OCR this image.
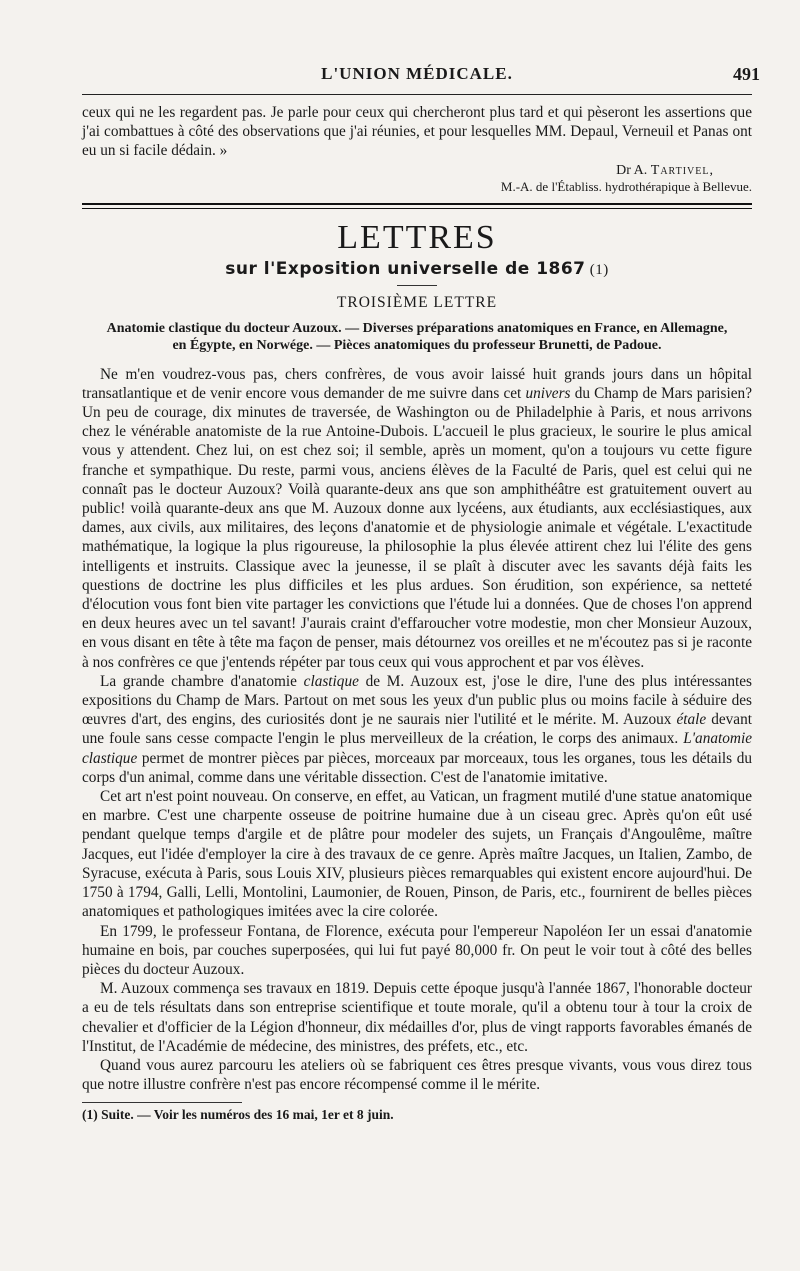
L'UNION MÉDICALE.	491

ceux qui ne les regardent pas. Je parle pour ceux qui chercheront plus tard et qui pèseront les assertions que j'ai combattues à côté des observations que j'ai réunies, et pour lesquelles MM. Depaul, Verneuil et Panas ont eu un si facile dédain. »

Dr A. Tartivel,
M.-A. de l'Établiss. hydrothérapique à Bellevue.
LETTRES
sur l'Exposition universelle de 1867 (1)
TROISIÈME LETTRE
Anatomie clastique du docteur Auzoux. — Diverses préparations anatomiques en France, en Allemagne,
en Égypte, en Norwége. — Pièces anatomiques du professeur Brunetti, de Padoue.

Ne m'en voudrez-vous pas, chers confrères, de vous avoir laissé huit grands jours dans un hôpital transatlantique et de venir encore vous demander de me suivre dans cet univers du Champ de Mars parisien? Un peu de courage, dix minutes de traversée, de Washington ou de Philadelphie à Paris, et nous arrivons chez le vénérable anatomiste de la rue Antoine-Dubois. L'accueil le plus gracieux, le sourire le plus amical vous y attendent. Chez lui, on est chez soi; il semble, après un moment, qu'on a toujours vu cette figure franche et sympathique. Du reste, parmi vous, anciens élèves de la Faculté de Paris, quel est celui qui ne connaît pas le docteur Auzoux? Voilà quarante-deux ans que son amphithéâtre est gratuitement ouvert au public! voilà quarante-deux ans que M. Auzoux donne aux lycéens, aux étudiants, aux ecclésiastiques, aux dames, aux civils, aux militaires, des leçons d'anatomie et de physiologie animale et végétale. L'exactitude mathématique, la logique la plus rigoureuse, la philosophie la plus élevée attirent chez lui l'élite des gens intelligents et instruits. Classique avec la jeunesse, il se plaît à discuter avec les savants déjà faits les questions de doctrine les plus difficiles et les plus ardues. Son érudition, son expérience, sa netteté d'élocution vous font bien vite partager les convictions que l'étude lui a données. Que de choses l'on apprend en deux heures avec un tel savant! J'aurais craint d'effaroucher votre modestie, mon cher Monsieur Auzoux, en vous disant en tête à tête ma façon de penser, mais détournez vos oreilles et ne m'écoutez pas si je raconte à nos confrères ce que j'entends répéter par tous ceux qui vous approchent et par vos élèves.

La grande chambre d'anatomie clastique de M. Auzoux est, j'ose le dire, l'une des plus intéressantes expositions du Champ de Mars. Partout on met sous les yeux d'un public plus ou moins facile à séduire des œuvres d'art, des engins, des curiosités dont je ne saurais nier l'utilité et le mérite. M. Auzoux étale devant une foule sans cesse compacte l'engin le plus merveilleux de la création, le corps des animaux. L'anatomie clastique permet de montrer pièces par pièces, morceaux par morceaux, tous les organes, tous les détails du corps d'un animal, comme dans une véritable dissection. C'est de l'anatomie imitative.

Cet art n'est point nouveau. On conserve, en effet, au Vatican, un fragment mutilé d'une statue anatomique en marbre. C'est une charpente osseuse de poitrine humaine due à un ciseau grec. Après qu'on eût usé pendant quelque temps d'argile et de plâtre pour modeler des sujets, un Français d'Angoulême, maître Jacques, eut l'idée d'employer la cire à des travaux de ce genre. Après maître Jacques, un Italien, Zambo, de Syracuse, exécuta à Paris, sous Louis XIV, plusieurs pièces remarquables qui existent encore aujourd'hui. De 1750 à 1794, Galli, Lelli, Montolini, Laumonier, de Rouen, Pinson, de Paris, etc., fournirent de belles pièces anatomiques et pathologiques imitées avec la cire colorée.

En 1799, le professeur Fontana, de Florence, exécuta pour l'empereur Napoléon Ier un essai d'anatomie humaine en bois, par couches superposées, qui lui fut payé 80,000 fr. On peut le voir tout à côté des belles pièces du docteur Auzoux.

M. Auzoux commença ses travaux en 1819. Depuis cette époque jusqu'à l'année 1867, l'honorable docteur a eu de tels résultats dans son entreprise scientifique et toute morale, qu'il a obtenu tour à tour la croix de chevalier et d'officier de la Légion d'honneur, dix médailles d'or, plus de vingt rapports favorables émanés de l'Institut, de l'Académie de médecine, des ministres, des préfets, etc., etc.

Quand vous aurez parcouru les ateliers où se fabriquent ces êtres presque vivants, vous vous direz tous que notre illustre confrère n'est pas encore récompensé comme il le mérite.

(1) Suite. — Voir les numéros des 16 mai, 1er et 8 juin.
